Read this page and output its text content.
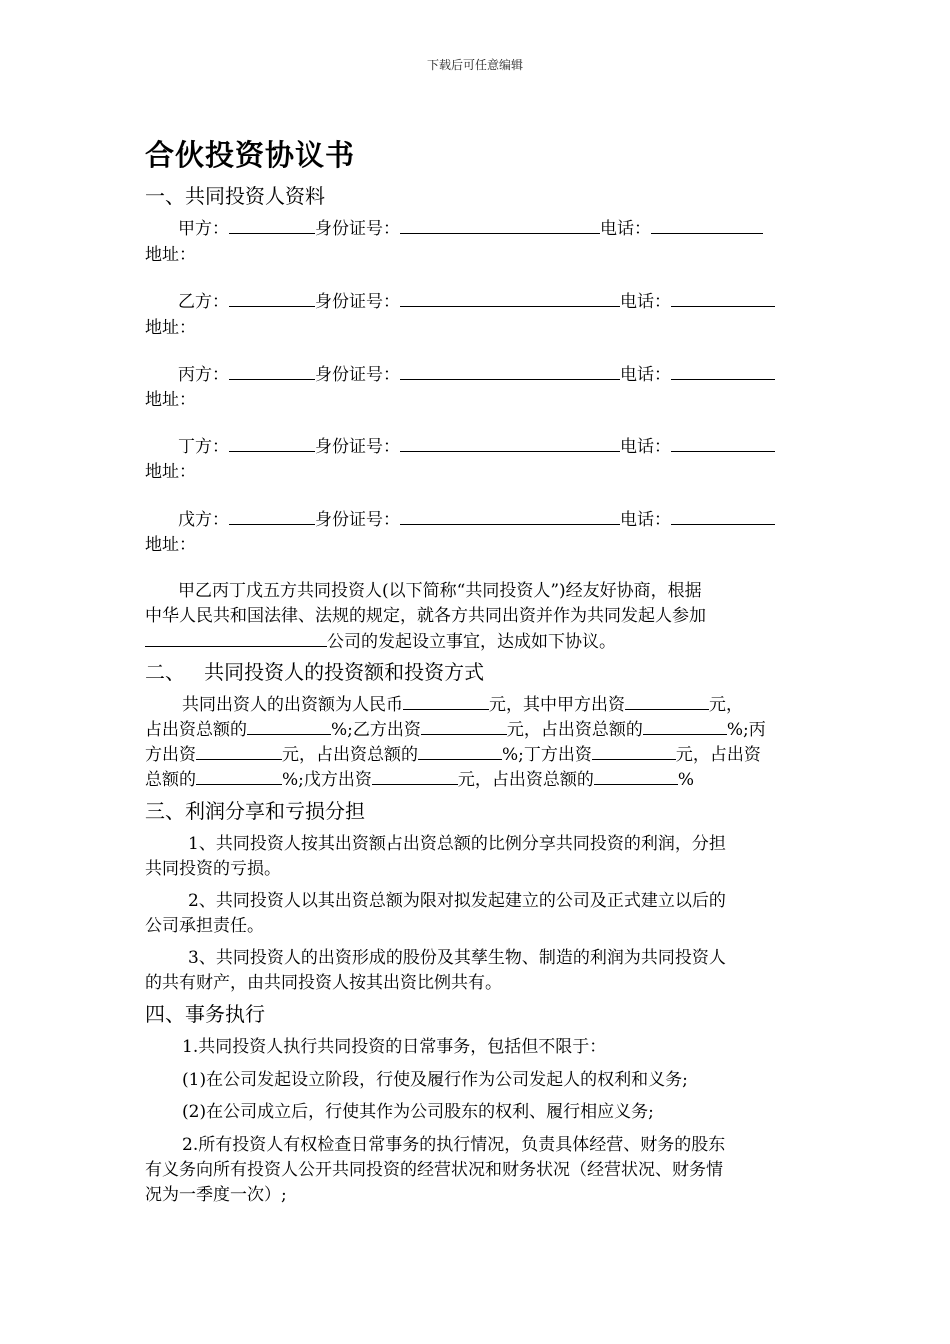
下载后可任意编辑
合伙投资协议书
一、共同投资人资料
甲方：	身份证号：	电话：
地址：
乙方：	身份证号：	电话：
地址：
丙方：	身份证号：	电话：
地址：
丁方：	身份证号：	电话：
地址：
戊方：	身份证号：	电话：
地址：
甲乙丙丁戊五方共同投资人(以下简称“共同投资人”)经友好协商，根据
中华人民共和国法律、法规的规定，就各方共同出资并作为共同发起人参加
公司的发起设立事宜，达成如下协议。
二、   共同投资人的投资额和投资方式
共同出资人的出资额为人民币	元，其中甲方出资	元，
占出资总额的	%;乙方出资	元，占出资总额的	%;丙
方出资	元，占出资总额的	%;丁方出资	元，占出资
总额的	%;戊方出资	元，占出资总额的	%
三、利润分享和亏损分担
1、共同投资人按其出资额占出资总额的比例分享共同投资的利润，分担
共同投资的亏损。
2、共同投资人以其出资总额为限对拟发起建立的公司及正式建立以后的
公司承担责任。
3、共同投资人的出资形成的股份及其孳生物、制造的利润为共同投资人
的共有财产，由共同投资人按其出资比例共有。
四、事务执行
1.共同投资人执行共同投资的日常事务，包括但不限于：
(1)在公司发起设立阶段，行使及履行作为公司发起人的权利和义务;
(2)在公司成立后，行使其作为公司股东的权利、履行相应义务;
2.所有投资人有权检查日常事务的执行情况，负责具体经营、财务的股东
有义务向所有投资人公开共同投资的经营状况和财务状况（经营状况、财务情
况为一季度一次）;
